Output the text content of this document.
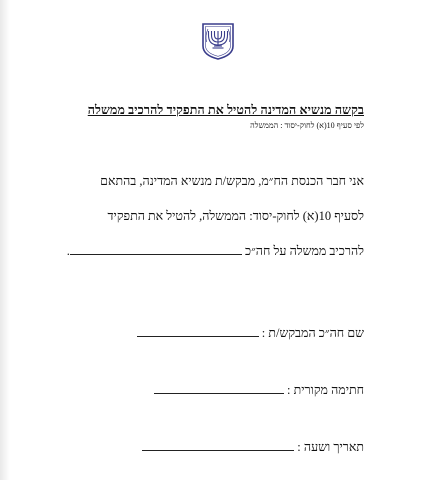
בקשה מנשיא המדינה להטיל את התפקיד להרכיב ממשלה
לפי סעיף 10(א) לחוק-יסוד : הממשלה
אני חבר הכנסת הח״מ, מבקש/ת מנשיא המדינה, בהתאם
לסעיף 10(א) לחוק-יסוד: הממשלה, להטיל את התפקיד
להרכיב ממשלה על חה״כ .
שם חה״כ המבקש/ת :
חתימה מקורית :
תאריך ושעה :
